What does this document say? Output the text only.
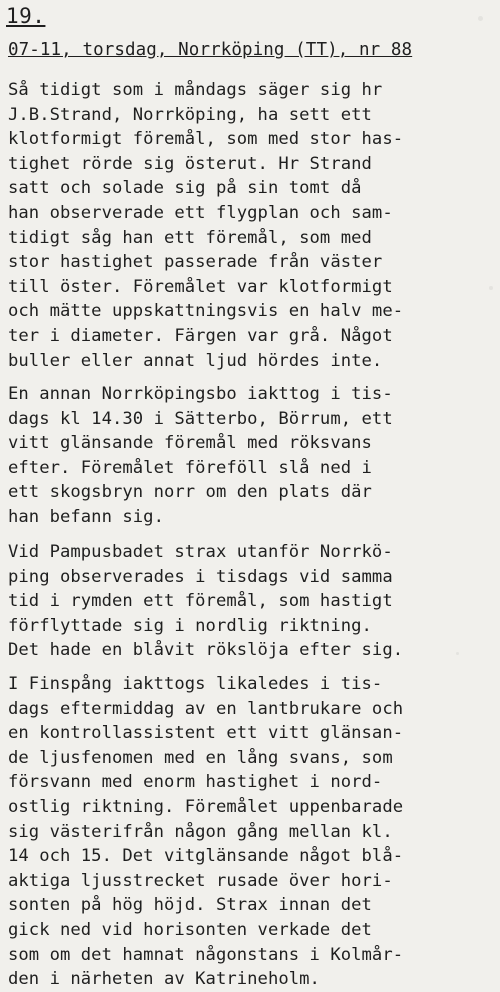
19.
07-11, torsdag, Norrköping (TT), nr 88
Så tidigt som i måndags säger sig hr
J.B.Strand, Norrköping, ha sett ett
klotformigt föremål, som med stor has-
tighet rörde sig österut. Hr Strand
satt och solade sig på sin tomt då
han observerade ett flygplan och sam-
tidigt såg han ett föremål, som med
stor hastighet passerade från väster
till öster. Föremålet var klotformigt
och mätte uppskattningsvis en halv me-
ter i diameter. Färgen var grå. Något
buller eller annat ljud hördes inte.
En annan Norrköpingsbo iakttog i tis-
dags kl 14.30 i Sätterbo, Börrum, ett
vitt glänsande föremål med röksvans
efter. Föremålet föreföll slå ned i
ett skogsbryn norr om den plats där
han befann sig.
Vid Pampusbadet strax utanför Norrkö-
ping observerades i tisdags vid samma
tid i rymden ett föremål, som hastigt
förflyttade sig i nordlig riktning.
Det hade en blåvit rökslöja efter sig.
I Finspång iakttogs likaledes i tis-
dags eftermiddag av en lantbrukare och
en kontrollassistent ett vitt glänsan-
de ljusfenomen med en lång svans, som
försvann med enorm hastighet i nord-
ostlig riktning. Föremålet uppenbarade
sig västerifrån någon gång mellan kl.
14 och 15. Det vitglänsande något blå-
aktiga ljusstrecket rusade över hori-
sonten på hög höjd. Strax innan det
gick ned vid horisonten verkade det
som om det hamnat någonstans i Kolmår-
den i närheten av Katrineholm.
